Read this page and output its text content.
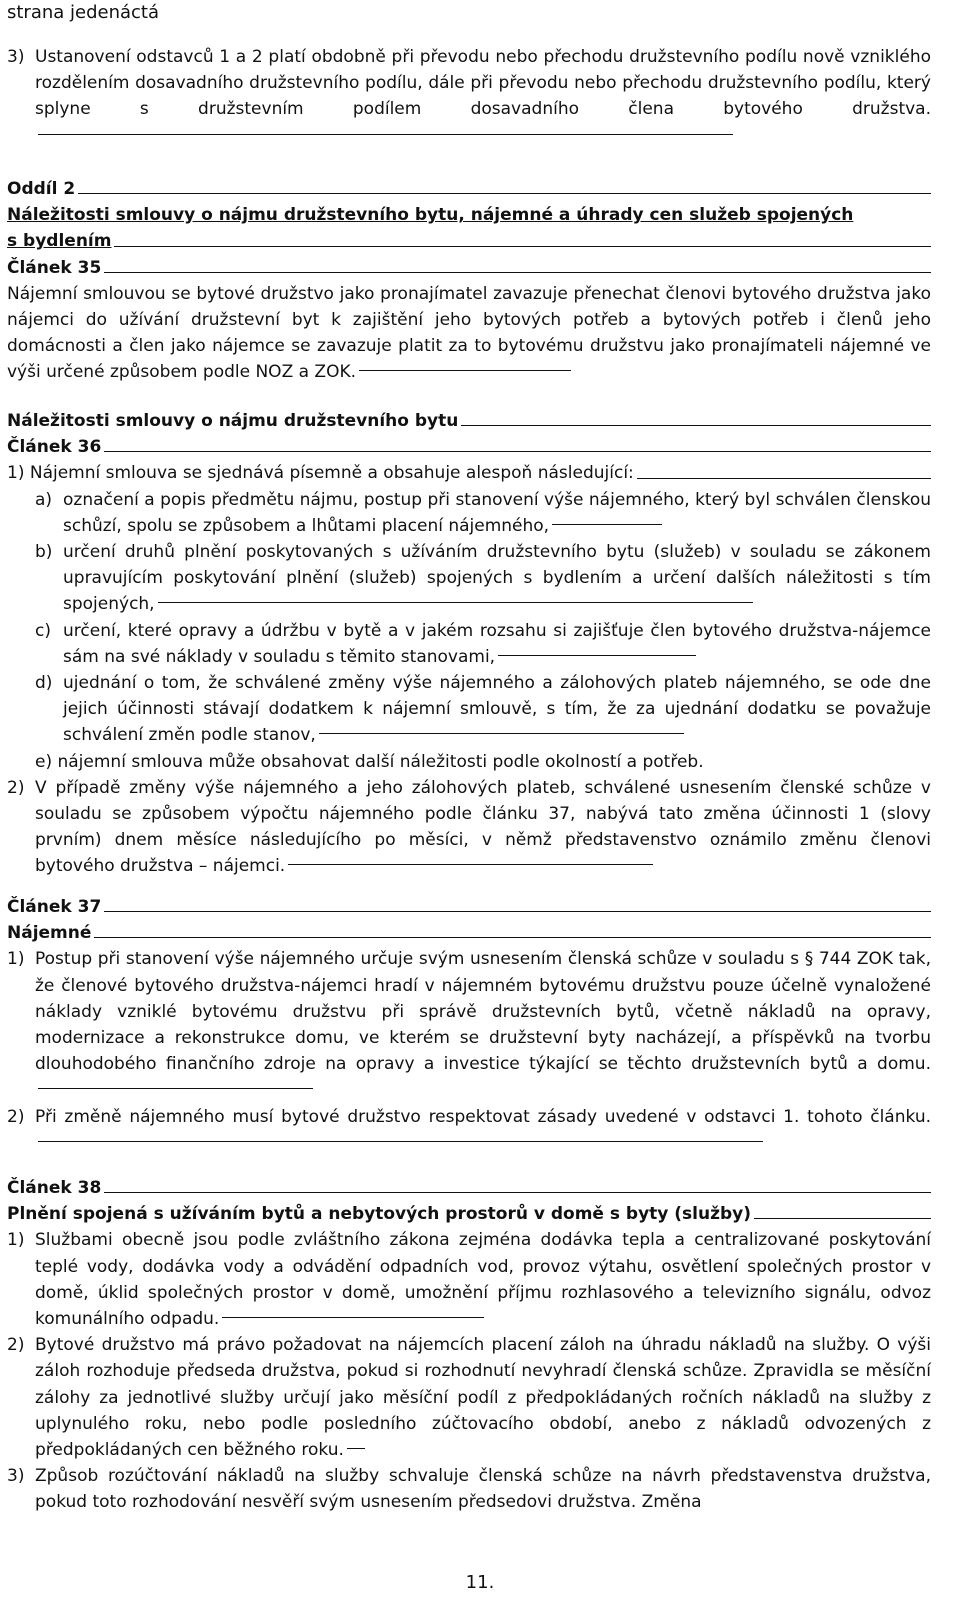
strana jedenáctá
3) Ustanovení odstavců 1 a 2 platí obdobně při převodu nebo přechodu družstevního podílu nově vzniklého rozdělením dosavadního družstevního podílu, dále při převodu nebo přechodu družstevního podílu, který splyne s družstevním podílem dosavadního člena bytového družstva.
Oddíl 2
Náležitosti smlouvy o nájmu družstevního bytu, nájemné a úhrady cen služeb spojených
s bydlením
Článek 35
Nájemní smlouvou se bytové družstvo jako pronajímatel zavazuje přenechat členovi bytového družstva jako nájemci do užívání družstevní byt k zajištění jeho bytových potřeb a bytových potřeb i členů jeho domácnosti a člen jako nájemce se zavazuje platit za to bytovému družstvu jako pronajímateli nájemné ve výši určené způsobem podle NOZ a ZOK.
Náležitosti smlouvy o nájmu družstevního bytu
Článek 36
1) Nájemní smlouva se sjednává písemně a obsahuje alespoň následující:
a) označení a popis předmětu nájmu, postup při stanovení výše nájemného, který byl schválen členskou schůzí, spolu se způsobem a lhůtami placení nájemného,
b) určení druhů plnění poskytovaných s užíváním družstevního bytu (služeb) v souladu se zákonem upravujícím poskytování plnění (služeb) spojených s bydlením a určení dalších náležitosti s tím spojených,
c) určení, které opravy a údržbu v bytě a v jakém rozsahu si zajišťuje člen bytového družstva-nájemce sám na své náklady v souladu s těmito stanovami,
d) ujednání o tom, že schválené změny výše nájemného a zálohových plateb nájemného, se ode dne jejich účinnosti stávají dodatkem k nájemní smlouvě, s tím, že za ujednání dodatku se považuje schválení změn podle stanov,
e) nájemní smlouva může obsahovat další náležitosti podle okolností a potřeb.
2) V případě změny výše nájemného a jeho zálohových plateb, schválené usnesením členské schůze v souladu se způsobem výpočtu nájemného podle článku 37, nabývá tato změna účinnosti 1 (slovy prvním) dnem měsíce následujícího po měsíci, v němž představenstvo oznámilo změnu členovi bytového družstva – nájemci.
Článek 37
Nájemné
1) Postup při stanovení výše nájemného určuje svým usnesením členská schůze v souladu s § 744 ZOK tak, že členové bytového družstva-nájemci hradí v nájemném bytovému družstvu pouze účelně vynaložené náklady vzniklé bytovému družstvu při správě družstevních bytů, včetně nákladů na opravy, modernizace a rekonstrukce domu, ve kterém se družstevní byty nacházejí, a příspěvků na tvorbu dlouhodobého finančního zdroje na opravy a investice týkající se těchto družstevních bytů a domu.
2) Při změně nájemného musí bytové družstvo respektovat zásady uvedené v odstavci 1. tohoto článku.
Článek 38
Plnění spojená s užíváním bytů a nebytových prostorů v domě s byty (služby)
1) Službami obecně jsou podle zvláštního zákona zejména dodávka tepla a centralizované poskytování teplé vody, dodávka vody a odvádění odpadních vod, provoz výtahu, osvětlení společných prostor v domě, úklid společných prostor v domě, umožnění příjmu rozhlasového a televizního signálu, odvoz komunálního odpadu.
2) Bytové družstvo má právo požadovat na nájemcích placení záloh na úhradu nákladů na služby. O výši záloh rozhoduje předseda družstva, pokud si rozhodnutí nevyhradí členská schůze. Zpravidla se měsíční zálohy za jednotlivé služby určují jako měsíční podíl z předpokládaných ročních nákladů na služby z uplynulého roku, nebo podle posledního zúčtovacího období, anebo z nákladů odvozených z předpokládaných cen běžného roku.
3) Způsob rozúčtování nákladů na služby schvaluje členská schůze na návrh představenstva družstva, pokud toto rozhodování nesvěří svým usnesením předsedovi družstva. Změna
11.
